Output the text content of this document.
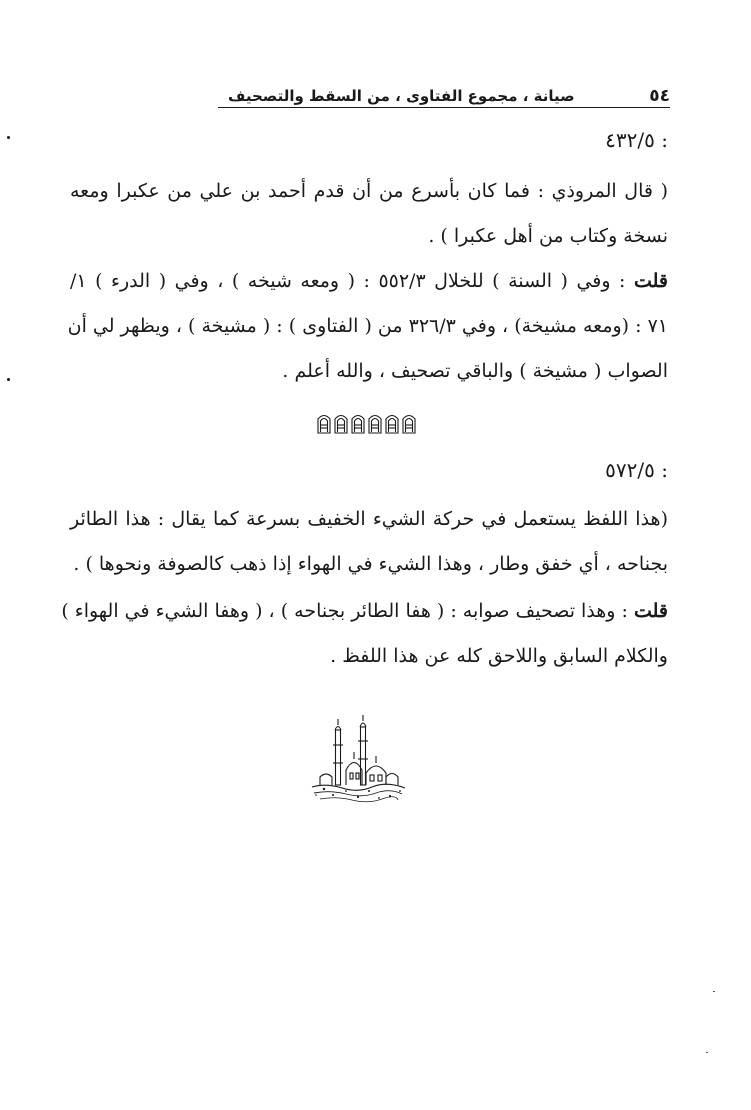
٥٤
صيانة ، مجموع الفتاوى ، من السقط والتصحيف
: ٤٣٢/٥
( قال المروذي : فما كان بأسرع من أن قدم أحمد بن علي من عكبرا ومعه
نسخة وكتاب من أهل عكبرا ) .
قلت : وفي ( السنة ) للخلال ٥٥٢/٣ : ( ومعه شيخه ) ، وفي ( الدرء ) ١/
٧١ : (ومعه مشيخة) ، وفي ٣٢٦/٣ من ( الفتاوى ) : ( مشيخة ) ، ويظهر لي أن
الصواب ( مشيخة ) والباقي تصحيف ، والله أعلم .
: ٥٧٢/٥
(هذا اللفظ يستعمل في حركة الشيء الخفيف بسرعة كما يقال : هذا الطائر
بجناحه ، أي خفق وطار ، وهذا الشيء في الهواء إذا ذهب كالصوفة ونحوها ) .
قلت : وهذا تصحيف صوابه : ( هفا الطائر بجناحه ) ، ( وهفا الشيء في الهواء )
والكلام السابق واللاحق كله عن هذا اللفظ .
